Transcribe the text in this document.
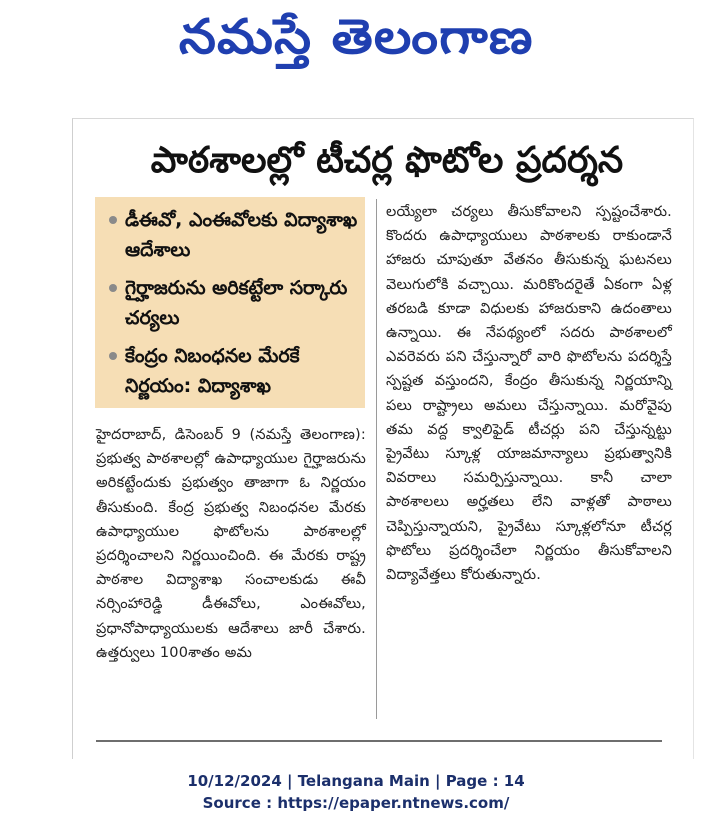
నమస్తే తెలంగాణ
పాఠశాలల్లో టీచర్ల ఫొటోల ప్రదర్శన
డీఈవో, ఎంఈవోలకు విద్యాశాఖ ఆదేశాలు
గైర్హాజరును అరికట్టేలా సర్కారు చర్యలు
కేంద్రం నిబంధనల మేరకే నిర్ణయం: విద్యాశాఖ

హైదరాబాద్, డిసెంబర్ 9 (నమస్తే తెలంగాణ): ప్రభుత్వ పాఠశాలల్లో ఉపాధ్యాయుల గైర్హాజరును అరికట్టేందుకు ప్రభుత్వం తాజాగా ఓ నిర్ణయం తీసుకుంది. కేంద్ర ప్రభుత్వ నిబంధనల మేరకు ఉపాధ్యాయుల ఫొటోలను పాఠశాలల్లో ప్రదర్శించాలని నిర్ణయించింది. ఈ మేరకు రాష్ట్ర పాఠశాల విద్యాశాఖ సంచాలకుడు ఈవీ నర్సింహారెడ్డి డీఈవోలు, ఎంఈవోలు, ప్రధానోపాధ్యాయులకు ఆదేశాలు జారీ చేశారు. ఉత్తర్వులు 100శాతం అమ

లయ్యేలా చర్యలు తీసుకోవాలని స్పష్టంచేశారు. కొందరు ఉపాధ్యాయులు పాఠశాలకు రాకుండానే హాజరు చూపుతూ వేతనం తీసుకున్న ఘటనలు వెలుగులోకి వచ్చాయి. మరికొందరైతే ఏకంగా ఏళ్ల తరబడి కూడా విధులకు హాజరుకాని ఉదంతాలు ఉన్నాయి. ఈ నేపథ్యంలో సదరు పాఠశాలలో ఎవరెవరు పని చేస్తున్నారో వారి ఫొటోలను పదర్శిస్తే స్పష్టత వస్తుందని, కేంద్రం తీసుకున్న నిర్ణయాన్ని పలు రాష్ట్రాలు అమలు చేస్తున్నాయి. మరోవైపు తమ వద్ద క్వాలిఫైడ్ టీచర్లు పని చేస్తున్నట్టు ప్రైవేటు స్కూళ్ల యాజమాన్యాలు ప్రభుత్వానికి వివరాలు సమర్పిస్తున్నాయి. కానీ చాలా పాఠశాలలు అర్హతలు లేని వాళ్లతో పాఠాలు చెప్పిస్తున్నాయని, ప్రైవేటు స్కూళ్లలోనూ టీచర్ల ఫొటోలు ప్రదర్శించేలా నిర్ణయం తీసుకోవాలని విద్యావేత్తలు కోరుతున్నారు.

10/12/2024 | Telangana Main | Page : 14
Source : https://epaper.ntnews.com/
